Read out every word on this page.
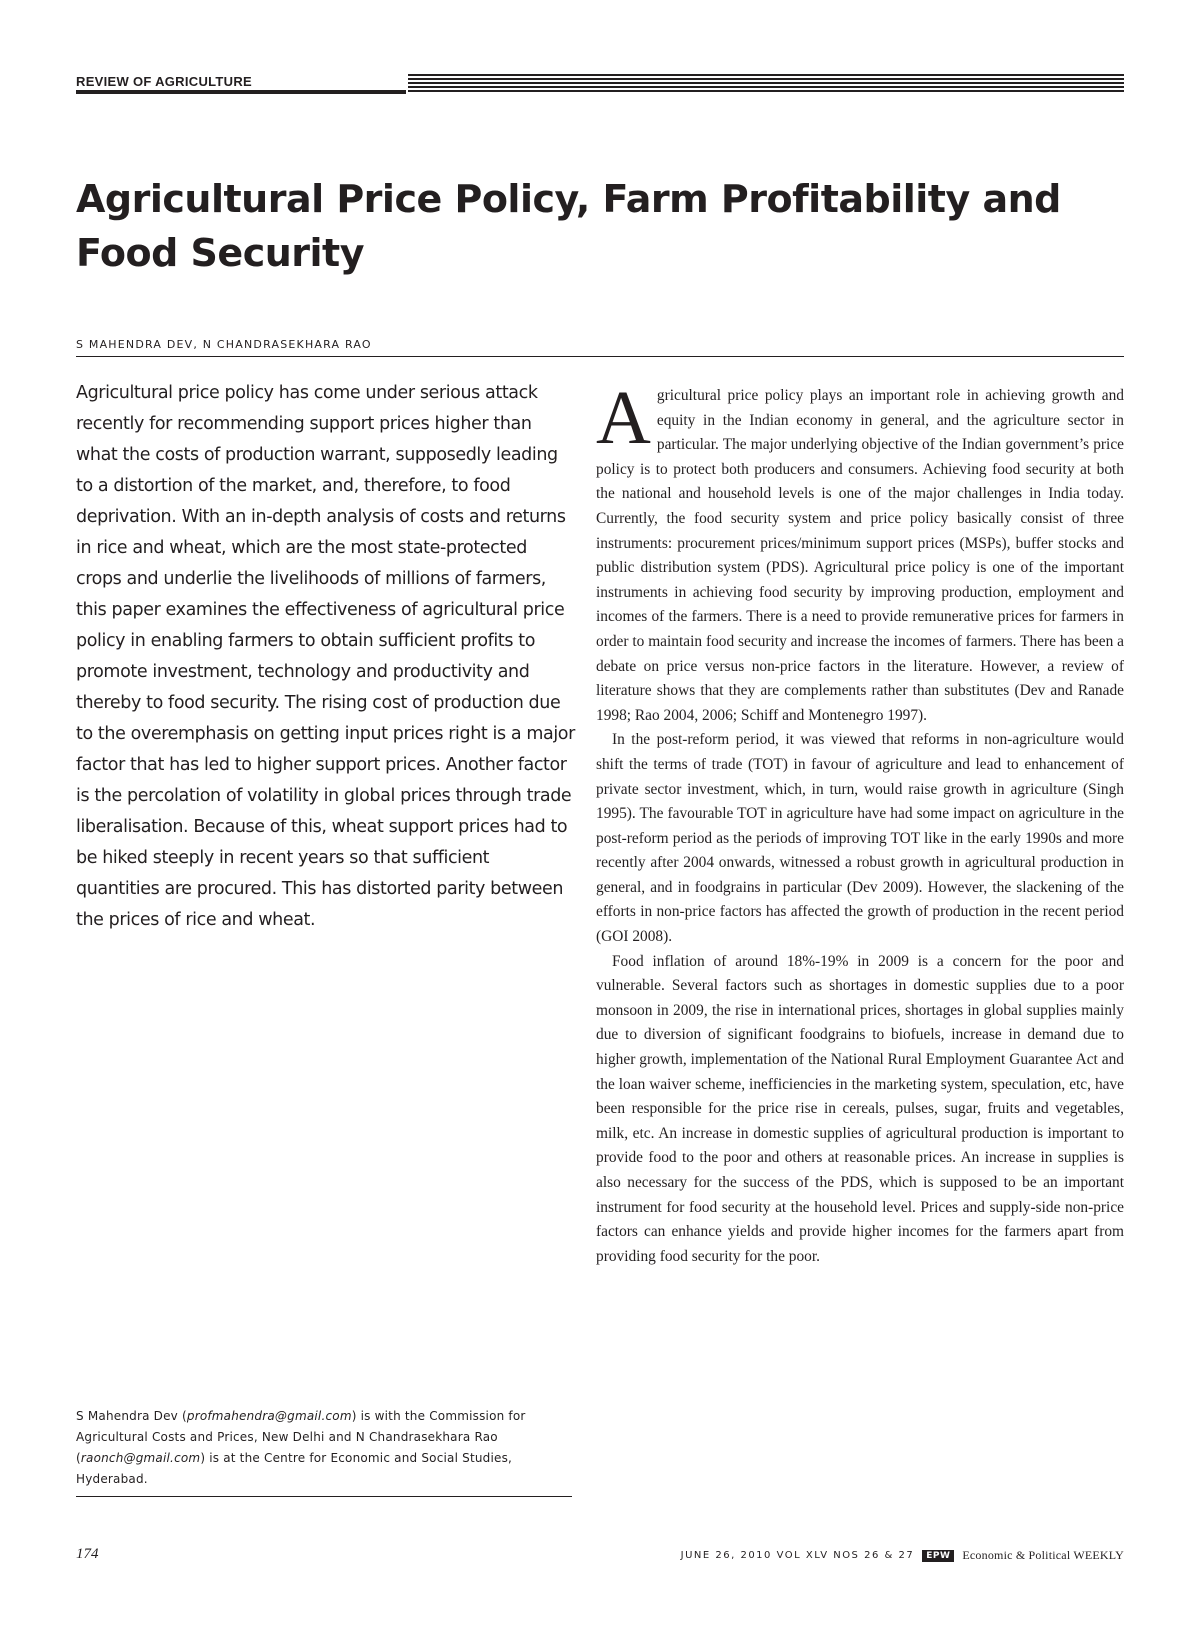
REVIEW OF AGRICULTURE
Agricultural Price Policy, Farm Profitability and Food Security
S MAHENDRA DEV, N CHANDRASEKHARA RAO

Agricultural price policy has come under serious attack recently for recommending support prices higher than what the costs of production warrant, supposedly leading to a distortion of the market, and, therefore, to food deprivation. With an in-depth analysis of costs and returns in rice and wheat, which are the most state-protected crops and underlie the livelihoods of millions of farmers, this paper examines the effectiveness of agricultural price policy in enabling farmers to obtain sufficient profits to promote investment, technology and productivity and thereby to food security. The rising cost of production due to the overemphasis on getting input prices right is a major factor that has led to higher support prices. Another factor is the percolation of volatility in global prices through trade liberalisation. Because of this, wheat support prices had to be hiked steeply in recent years so that sufficient quantities are procured. This has distorted parity between the prices of rice and wheat.

S Mahendra Dev (profmahendra@gmail.com) is with the Commission for Agricultural Costs and Prices, New Delhi and N Chandrasekhara Rao (raonch@gmail.com) is at the Centre for Economic and Social Studies, Hyderabad.

Agricultural price policy plays an important role in achieving growth and equity in the Indian economy in general, and the agriculture sector in particular. The major underlying objective of the Indian government’s price policy is to protect both producers and consumers. Achieving food security at both the national and household levels is one of the major challenges in India today. Currently, the food security system and price policy basically consist of three instruments: procurement prices/minimum support prices (MSPs), buffer stocks and public distribution system (PDS). Agricultural price policy is one of the important instruments in achieving food security by improving production, employment and incomes of the farmers. There is a need to provide remunerative prices for farmers in order to maintain food security and increase the incomes of farmers. There has been a debate on price versus non-price factors in the literature. However, a review of literature shows that they are complements rather than substitutes (Dev and Ranade 1998; Rao 2004, 2006; Schiff and Montenegro 1997).

In the post-reform period, it was viewed that reforms in non-agriculture would shift the terms of trade (TOT) in favour of agriculture and lead to enhancement of private sector investment, which, in turn, would raise growth in agriculture (Singh 1995). The favourable TOT in agriculture have had some impact on agriculture in the post-reform period as the periods of improving TOT like in the early 1990s and more recently after 2004 onwards, witnessed a robust growth in agricultural production in general, and in foodgrains in particular (Dev 2009). However, the slackening of the efforts in non-price factors has affected the growth of production in the recent period (GOI 2008).

Food inflation of around 18%-19% in 2009 is a concern for the poor and vulnerable. Several factors such as shortages in domestic supplies due to a poor monsoon in 2009, the rise in international prices, shortages in global supplies mainly due to diversion of significant foodgrains to biofuels, increase in demand due to higher growth, implementation of the National Rural Employment Guarantee Act and the loan waiver scheme, inefficiencies in the marketing system, speculation, etc, have been responsible for the price rise in cereals, pulses, sugar, fruits and vegetables, milk, etc. An increase in domestic supplies of agricultural production is important to provide food to the poor and others at reasonable prices. An increase in supplies is also necessary for the success of the PDS, which is supposed to be an important instrument for food security at the household level. Prices and supply-side non-price factors can enhance yields and provide higher incomes for the farmers apart from providing food security for the poor.

174	JUNE 26, 2010 VOL XLV NOS 26 & 27	EPW	Economic & Political WEEKLY
